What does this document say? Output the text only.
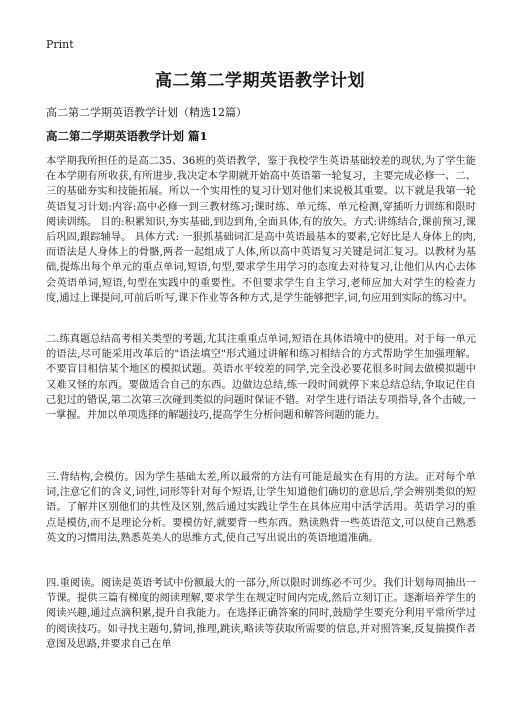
Print
高二第二学期英语教学计划
高二第二学期英语教学计划（精选12篇）
高二第二学期英语教学计划 篇1

本学期我所担任的是高二35、36班的英语教学，鉴于我校学生英语基础较差的现状,为了学生能在本学期有所收获,有所进步,我决定本学期就开始高中英语第一轮复习，主要完成必修一、二、三的基础夯实和技能拓展。所以一个实用性的复习计划对他们来说极其重要。以下就是我第一轮英语复习计划:内容:高中必修一到三教材练习;课时练、单元练、单元检测,穿插听力训练和限时阅读训练。 目的:积累知识,夯实基础,到边到角,全面具体,有的放矢。方式:讲练结合,课前预习,课后巩固,跟踪辅导。 具体方式: 一狠抓基础词汇是高中英语最基本的要素,它好比是人身体上的肉,而语法是人身体上的骨骼,两者一起组成了人体,所以高中英语复习关键是词汇复习。以教材为基础,提炼出每个单元的重点单词,短语,句型,要求学生用学习的态度去对待复习,让他们从内心去体会英语单词,短语,句型在实践中的重要性。不但要求学生自主学习,老师应加大对学生的检查力度,通过上课提问,可前后听写,课下作业等各种方式,是学生能够把字,词,句应用到实际的练习中。

二.练真题总结高考相关类型的考题,尤其注重重点单词,短语在具体语境中的使用。对于每一单元的语法,尽可能采用改革后的"语法填空"形式通过讲解和练习相结合的方式帮助学生加强理解。不要盲目相信某个地区的模拟试题。英语水平较差的同学,完全没必要花很多时间去做模拟题中又难又怪的东西。要做适合自己的东西。边做边总结,练一段时间就停下来总结总结,争取记住自己犯过的错误,第二次第三次碰到类似的问题时保证不错。对学生进行语法专项指导,各个击破,一一掌握。并加以单项选择的解题技巧,提高学生分析问题和解答问题的能力。

三.背结构,会模仿。因为学生基础太差,所以最常的方法有可能是最实在有用的方法。正对每个单词,注意它们的含义,词性,词形等针对每个短语,让学生知道他们确切的意思后,学会辨别类似的短语。了解并区别他们的共性及区别,然后通过实践让学生在具体应用中活学活用。英语学习的重点是模仿,而不是理论分析。要模仿好,就要背一些东西。熟读熟背一些英语范文,可以使自己熟悉英文的习惯用法,熟悉英美人的思维方式,使自己写出说出的英语地道准确。

四.重阅读。阅读是英语考试中份额最大的一部分,所以限时训练必不可少。我们计划每周抽出一节课。提供三篇有梯度的阅读理解,要求学生在规定时间内完成,然后立刻订正。逐渐培养学生的阅读兴趣,通过点滴积累,提升自我能力。在选择正确答案的同时,鼓励学生要充分利用平常所学过的阅读技巧。如寻找主题句,猜词,推理,跳读,略读等获取所需要的信息,并对照答案,反复揣摸作者意图及思路,并要求自己在单
